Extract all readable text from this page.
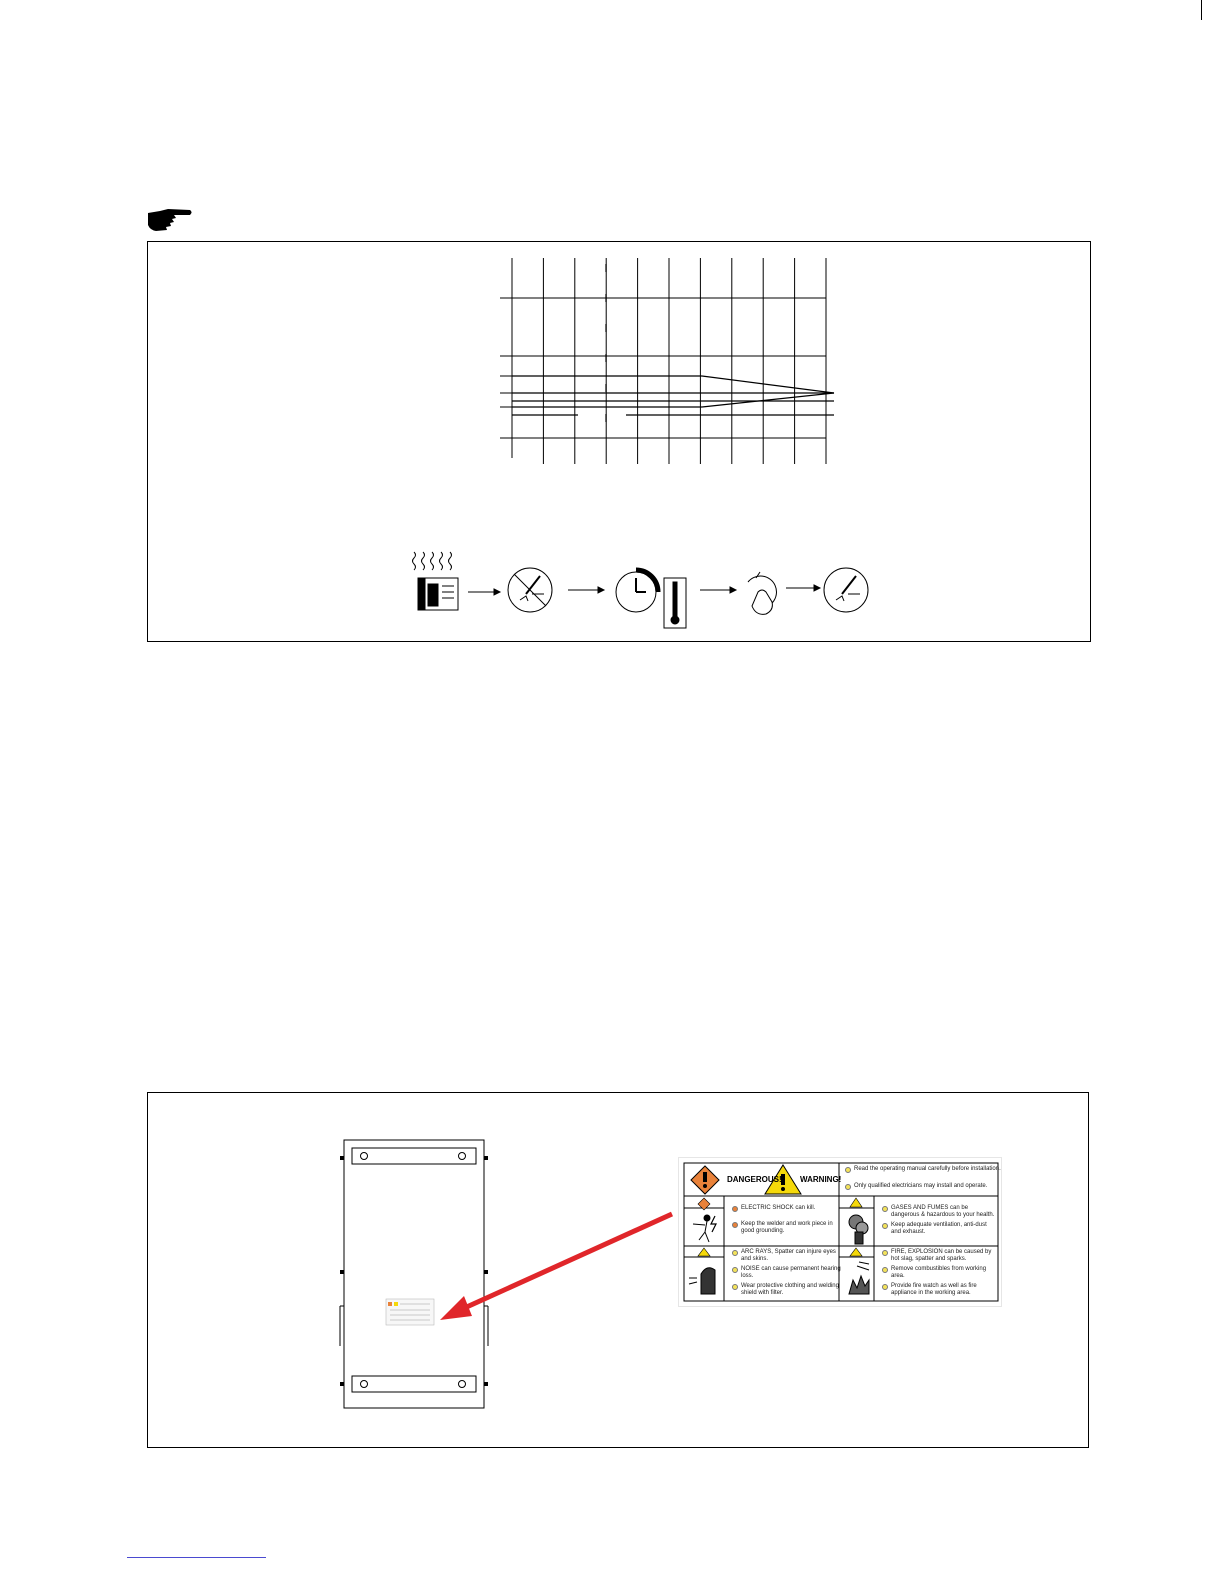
DANGEROUS! WARNING!
Read the operating manual carefully before installation.
Only qualified electricians may install and operate.
ELECTRIC SHOCK can kill.
Keep the welder and work piece in
good grounding.
GASES AND FUMES can be
dangerous & hazardous to your health.
Keep adequate ventilation, anti-dust
and exhaust.
ARC RAYS, Spatter can injure eyes
and skins.
NOISE can cause permanent hearing
loss.
Wear protective clothing and welding
shield with filter.
FIRE, EXPLOSION can be caused by
hot slag, spatter and sparks.
Remove combustibles from working
area.
Provide fire watch as well as fire
appliance in the working area.
